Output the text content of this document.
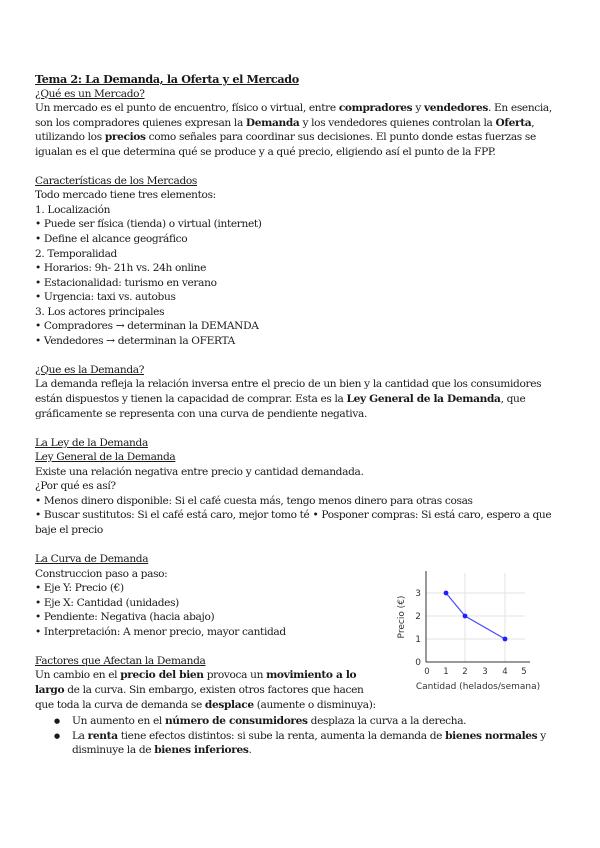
Tema 2: La Demanda, la Oferta y el Mercado
¿Qué es un Mercado?
Un mercado es el punto de encuentro, físico o virtual, entre compradores y vendedores. En esencia, son los compradores quienes expresan la Demanda y los vendedores quienes controlan la Oferta, utilizando los precios como señales para coordinar sus decisiones. El punto donde estas fuerzas se igualan es el que determina qué se produce y a qué precio, eligiendo así el punto de la FPP.
Características de los Mercados
Todo mercado tiene tres elementos:
1. Localización
• Puede ser física (tienda) o virtual (internet)
• Define el alcance geográfico
2. Temporalidad
• Horarios: 9h- 21h vs. 24h online
• Estacionalidad: turismo en verano
• Urgencia: taxi vs. autobus
3. Los actores principales
• Compradores → determinan la DEMANDA
• Vendedores → determinan la OFERTA
¿Que es la Demanda?
La demanda refleja la relación inversa entre el precio de un bien y la cantidad que los consumidores están dispuestos y tienen la capacidad de comprar. Esta es la Ley General de la Demanda, que gráficamente se representa con una curva de pendiente negativa.
La Ley de la Demanda
Ley General de la Demanda
Existe una relación negativa entre precio y cantidad demandada.
¿Por qué es así?
• Menos dinero disponible: Si el café cuesta más, tengo menos dinero para otras cosas
• Buscar sustitutos: Si el café está caro, mejor tomo té • Posponer compras: Si está caro, espero a que baje el precio
La Curva de Demanda
Construccion paso a paso:
• Eje Y: Precio (€)
• Eje X: Cantidad (unidades)
• Pendiente: Negativa (hacia abajo)
• Interpretación: A menor precio, mayor cantidad
Factores que Afectan la Demanda
Un cambio en el precio del bien provoca un movimiento a lo largo de la curva. Sin embargo, existen otros factores que hacen que toda la curva de demanda se desplace (aumente o disminuya):
● Un aumento en el número de consumidores desplaza la curva a la derecha.
● La renta tiene efectos distintos: si sube la renta, aumenta la demanda de bienes normales y disminuye la de bienes inferiores.
0
1
2
3
0 1 2 3 4 5
Cantidad (helados/semana)
Precio (€)
